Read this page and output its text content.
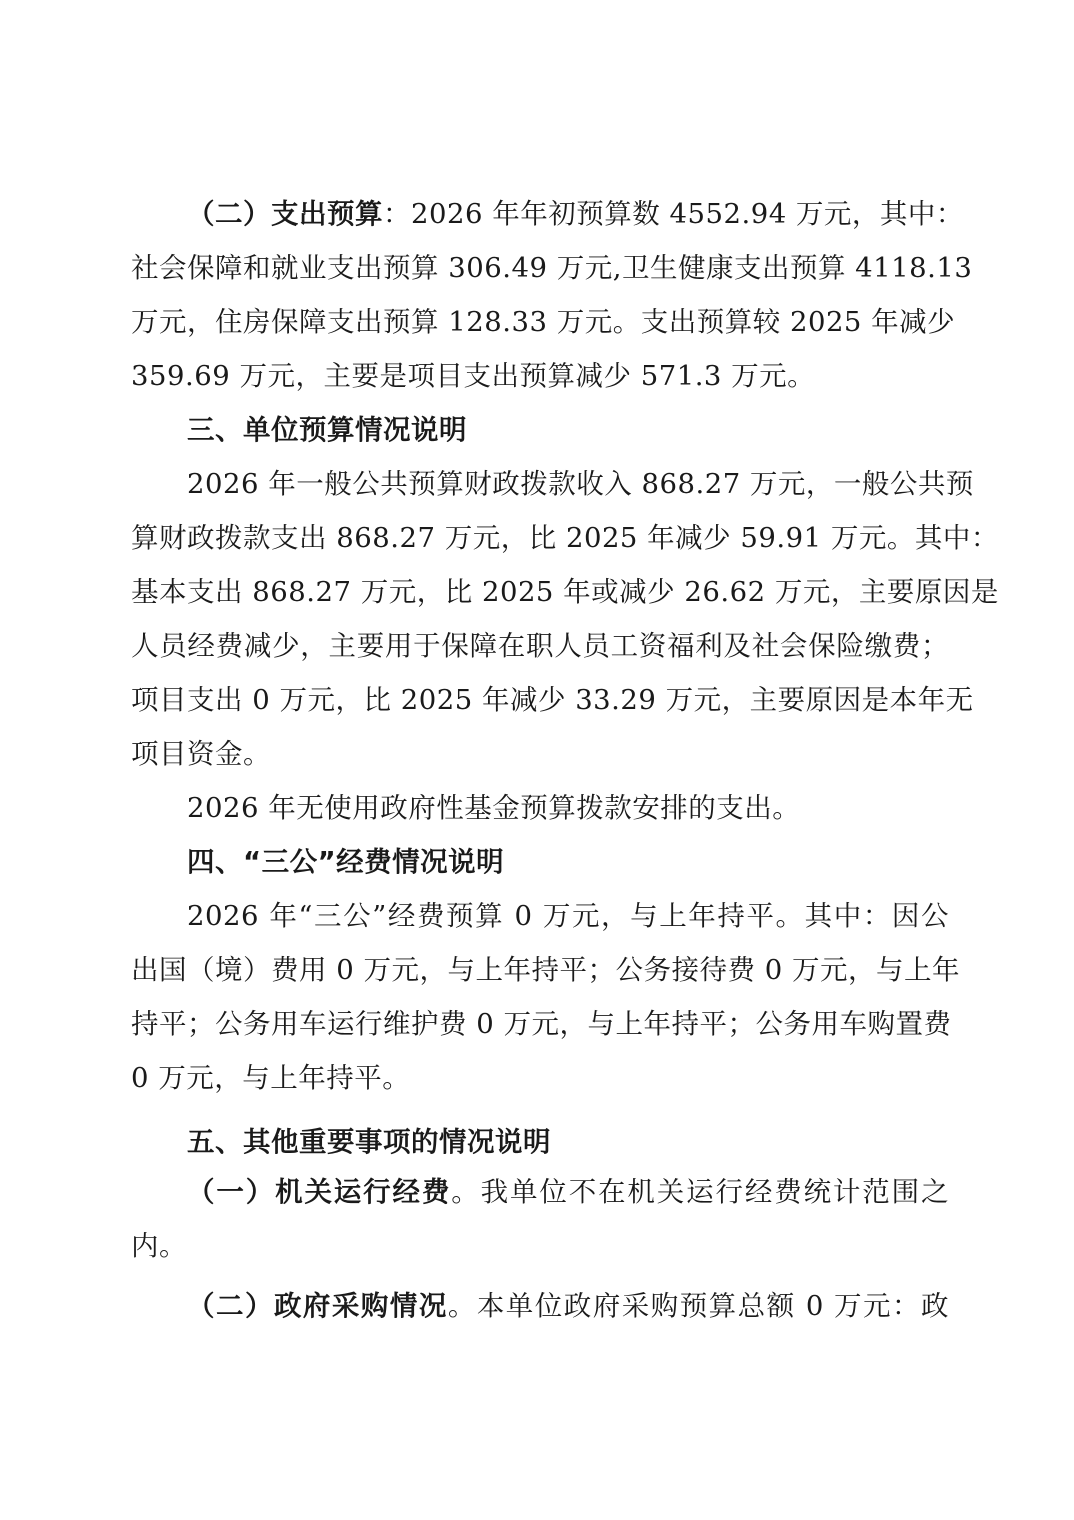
（二）支出预算：2026 年年初预算数 4552.94 万元，其中：
社会保障和就业支出预算 306.49 万元,卫生健康支出预算 4118.13
万元，住房保障支出预算 128.33 万元。支出预算较 2025 年减少
359.69 万元，主要是项目支出预算减少 571.3 万元。
三、单位预算情况说明
2026 年一般公共预算财政拨款收入 868.27 万元，一般公共预
算财政拨款支出 868.27 万元，比 2025 年减少 59.91 万元。其中：
基本支出 868.27 万元，比 2025 年或减少 26.62 万元，主要原因是
人员经费减少，主要用于保障在职人员工资福利及社会保险缴费；
项目支出 0 万元，比 2025 年减少 33.29 万元，主要原因是本年无
项目资金。
2026 年无使用政府性基金预算拨款安排的支出。
四、“三公”经费情况说明
2026 年“三公”经费预算 0 万元，与上年持平。其中：因公
出国（境）费用 0 万元，与上年持平；公务接待费 0 万元，与上年
持平；公务用车运行维护费 0 万元，与上年持平；公务用车购置费
0 万元，与上年持平。
五、其他重要事项的情况说明
（一）机关运行经费。我单位不在机关运行经费统计范围之
内。
（二）政府采购情况。本单位政府采购预算总额 0 万元：政
